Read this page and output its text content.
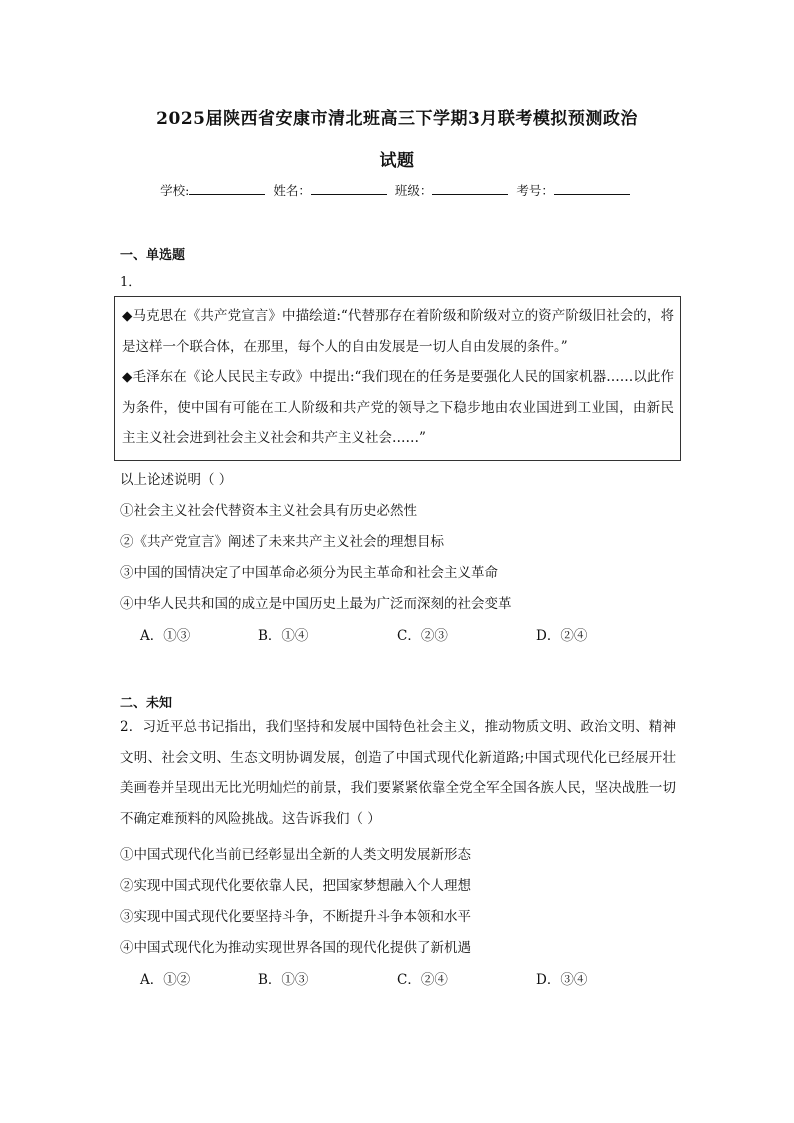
2025届陕西省安康市清北班高三下学期3月联考模拟预测政治
试题
学校:	姓名：	班级：	考号：
一、单选题
1．

◆马克思在《共产党宣言》中描绘道:“代替那存在着阶级和阶级对立的资产阶级旧社会的，将是这样一个联合体，在那里，每个人的自由发展是一切人自由发展的条件。”

◆毛泽东在《论人民民主专政》中提出:“我们现在的任务是要强化人民的国家机器……以此作为条件，使中国有可能在工人阶级和共产党的领导之下稳步地由农业国进到工业国，由新民主主义社会进到社会主义社会和共产主义社会……”

以上论述说明（ ）
①社会主义社会代替资本主义社会具有历史必然性
②《共产党宣言》阐述了未来共产主义社会的理想目标
③中国的国情决定了中国革命必须分为民主革命和社会主义革命
④中华人民共和国的成立是中国历史上最为广泛而深刻的社会变革
A．①③	B．①④	C．②③	D．②④
二、未知
2．习近平总书记指出，我们坚持和发展中国特色社会主义，推动物质文明、政治文明、精神文明、社会文明、生态文明协调发展，创造了中国式现代化新道路;中国式现代化已经展开壮美画卷并呈现出无比光明灿烂的前景，我们要紧紧依靠全党全军全国各族人民，坚决战胜一切不确定难预料的风险挑战。这告诉我们（ ）
①中国式现代化当前已经彰显出全新的人类文明发展新形态
②实现中国式现代化要依靠人民，把国家梦想融入个人理想
③实现中国式现代化要坚持斗争，不断提升斗争本领和水平
④中国式现代化为推动实现世界各国的现代化提供了新机遇
A．①②	B．①③	C．②④	D．③④
